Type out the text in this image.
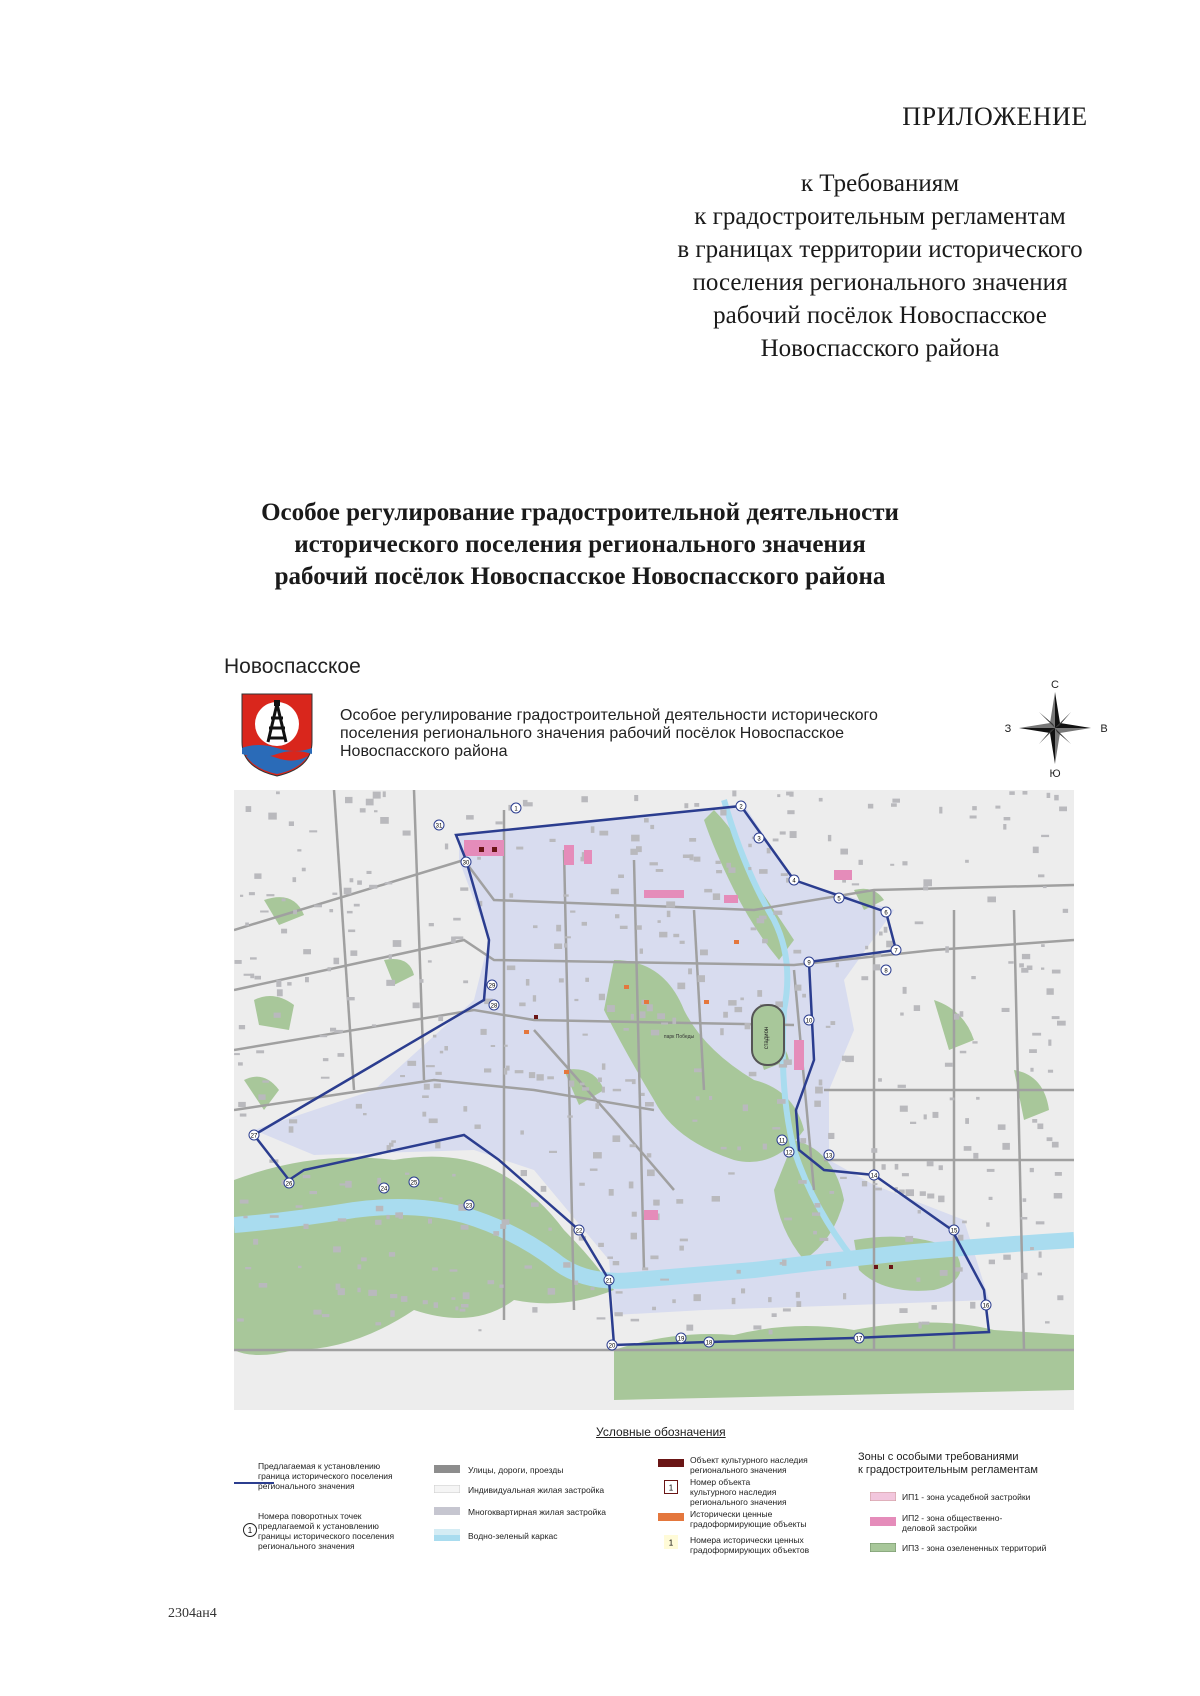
ПРИЛОЖЕНИЕ
к Требованиям
к градостроительным регламентам
в границах территории исторического
поселения регионального значения
рабочий посёлок Новоспасское
Новоспасского района
Особое регулирование градостроительной деятельности
исторического поселения регионального значения
рабочий посёлок Новоспасское Новоспасского района
Новоспасское
Особое регулирование градостроительной деятельности исторического
поселения регионального значения рабочий посёлок Новоспасское
Новоспасского района
С
Ю
З	В
стадион
парк Победы
1	2
3
4
5
6
7
8
9
10
11
12	13
14
15
16
17
18
19
20
21
22
23
24
25
26
27
28
29
30
31
Условные обозначения
Предлагаемая к установлению
граница исторического поселения
регионального значения
1
Номера поворотных точек
предлагаемой к установлению
границы исторического поселения
регионального значения
Улицы, дороги, проезды
Индивидуальная жилая застройка
Многоквартирная жилая застройка
Водно-зеленый каркас
Объект культурного наследия
регионального значения
1
Номер объекта
культурного наследия
регионального значения
Исторически ценные
градоформирующие объекты
1 Номера исторически ценных
градоформирующих объектов
Зоны с особыми требованиями
к градостроительным регламентам
ИП1 - зона усадебной застройки
ИП2 - зона общественно-
деловой застройки
ИП3 - зона озелененных территорий
2304ан4
